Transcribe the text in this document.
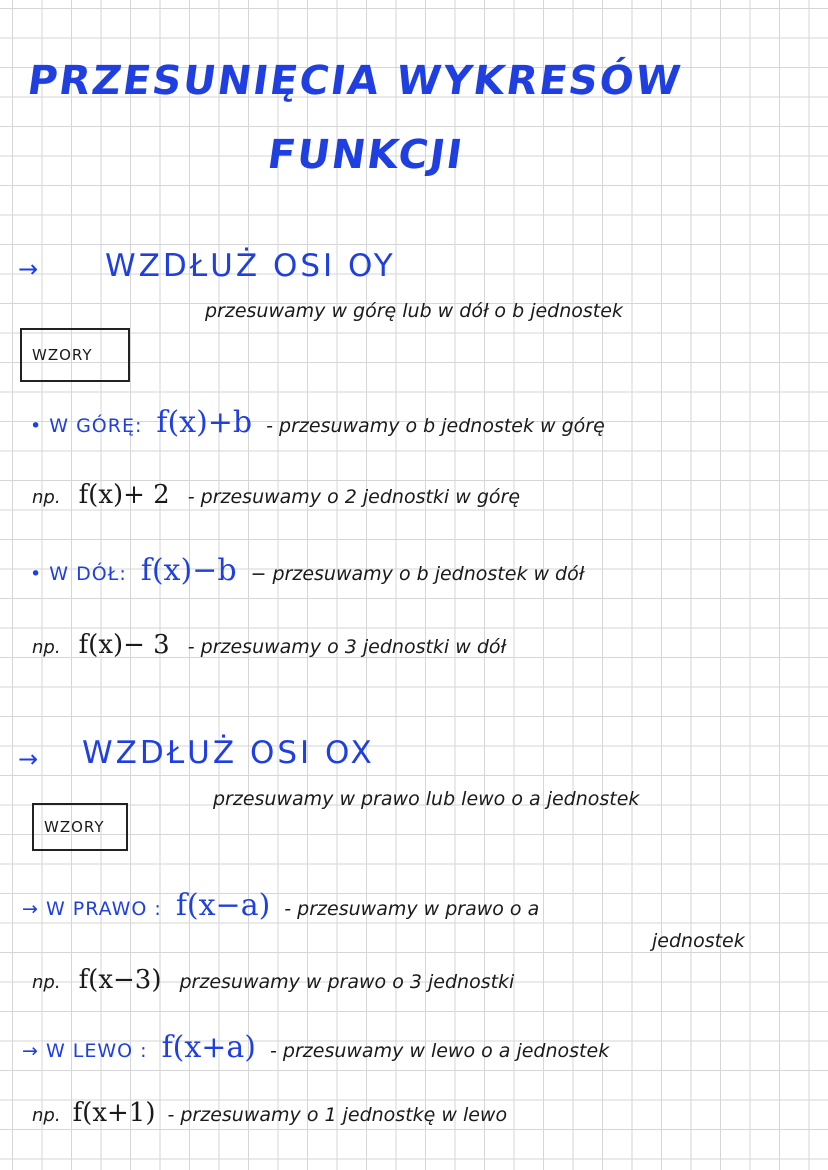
PRZESUNIĘCIA WYKRESÓW
FUNKCJI
→ WZDŁUŻ OSI OY
przesuwamy w górę lub w dół o b jednostek
WZORY
• W GÓRĘ: f(x)+b - przesuwamy o b jednostek w górę
np. f(x)+ 2 - przesuwamy o 2 jednostki w górę
• W DÓŁ: f(x)−b − przesuwamy o b jednostek w dół
np. f(x)− 3 - przesuwamy o 3 jednostki w dół
→ WZDŁUŻ OSI OX
przesuwamy w prawo lub lewo o a jednostek
WZORY
→ W PRAWO : f(x−a) - przesuwamy w prawo o a
jednostek
np. f(x−3) przesuwamy w prawo o 3 jednostki
→ W LEWO : f(x+a) - przesuwamy w lewo o a jednostek
np. f(x+1) - przesuwamy o 1 jednostkę w lewo
